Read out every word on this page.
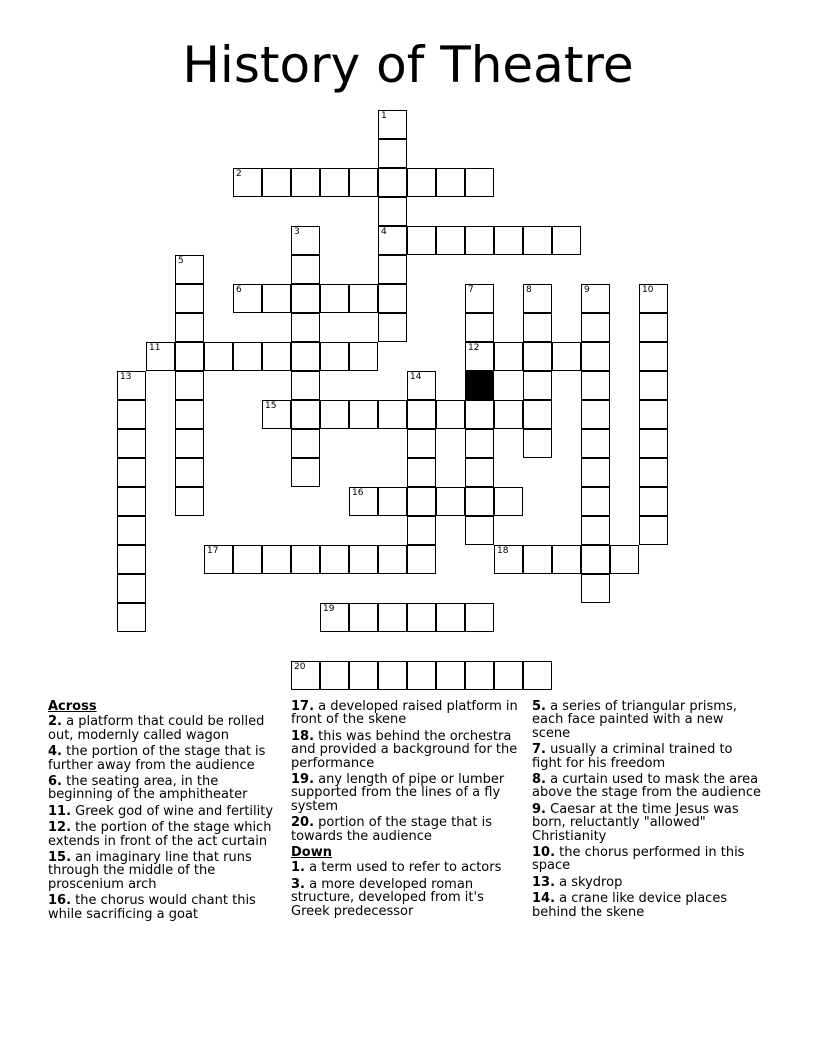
History of Theatre
1
4
2
3
5
6	7
12
8	9	10
11
13	14
15
16
17	18
19
20
Across
2. a platform that could be rolled out, modernly called wagon
4. the portion of the stage that is further away from the audience
6. the seating area, in the beginning of the amphitheater
11. Greek god of wine and fertility
12. the portion of the stage which extends in front of the act curtain
15. an imaginary line that runs through the middle of the proscenium arch
16. the chorus would chant this while sacrificing a goat
17. a developed raised platform in front of the skene
18. this was behind the orchestra and provided a background for the performance
19. any length of pipe or lumber supported from the lines of a fly system
20. portion of the stage that is towards the audience
Down
1. a term used to refer to actors
3. a more developed roman structure, developed from it's Greek predecessor
5. a series of triangular prisms, each face painted with a new scene
7. usually a criminal trained to fight for his freedom
8. a curtain used to mask the area above the stage from the audience
9. Caesar at the time Jesus was born, reluctantly "allowed" Christianity
10. the chorus performed in this space
13. a skydrop
14. a crane like device places behind the skene
